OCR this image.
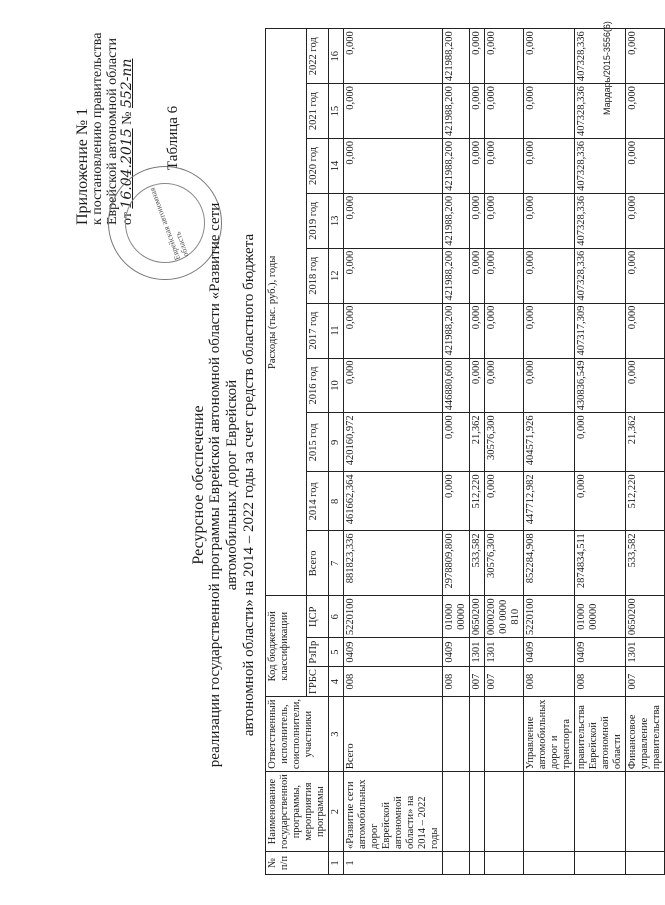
Приложение № 1 к постановлению правительства Еврейской автономной области от 16.04.2015 № 552-пп
Еврейская автономная область
Таблица 6
Ресурсное обеспечение реализации государственной программы Еврейской автономной области «Развитие сети автомобильных дорог Еврейской автономной области» на 2014 – 2022 годы за счет средств областного бюджета
№ п/п	Наименование государственной программы, мероприятия программы	Ответственный исполнитель, соисполнители, участники	Код бюджетной классификации			Расходы (тыс. руб.), годы									
			ГРБС	РзПр	ЦСР	Всего	2014 год	2015 год	2016 год	2017 год	2018 год	2019 год	2020 год	2021 год	2022 год
1	2	3	4	5	6	7	8	9	10	11	12	13	14	15	16
1	«Развитие сети автомобильных дорог Еврейской автономной области» на 2014 – 2022 годы	Всего	008	0409	5220100	881823,336	461662,364	420160,972	0,000	0,000	0,000	0,000	0,000	0,000	0,000
			008	0409	01000 00000	2978809,800	0,000	0,000	446880,600	421988,200	421988,200	421988,200	421988,200	421988,200	421988,200
			007	1301	0650200	533,582	512,220	21,362	0,000	0,000	0,000	0,000	0,000	0,000	0,000
			007	1301	0000200 00 0000 810	30576,300	0,000	30576,300	0,000	0,000	0,000	0,000	0,000	0,000	0,000
		Управление автомобильных дорог и транспорта	008	0409	5220100	852284,908	447712,982	404571,926	0,000	0,000	0,000	0,000	0,000	0,000	0,000
		правительства Еврейской автономной области	008	0409	01000 00000	2874834,511	0,000	0,000	430836,549	407317,309	407328,336	407328,336	407328,336	407328,336	407328,336
		Финансовое управление правительства	007	1301	0650200	533,582	512,220	21,362	0,000	0,000	0,000	0,000	0,000	0,000	0,000
Мардарь/2015-3556(6)
